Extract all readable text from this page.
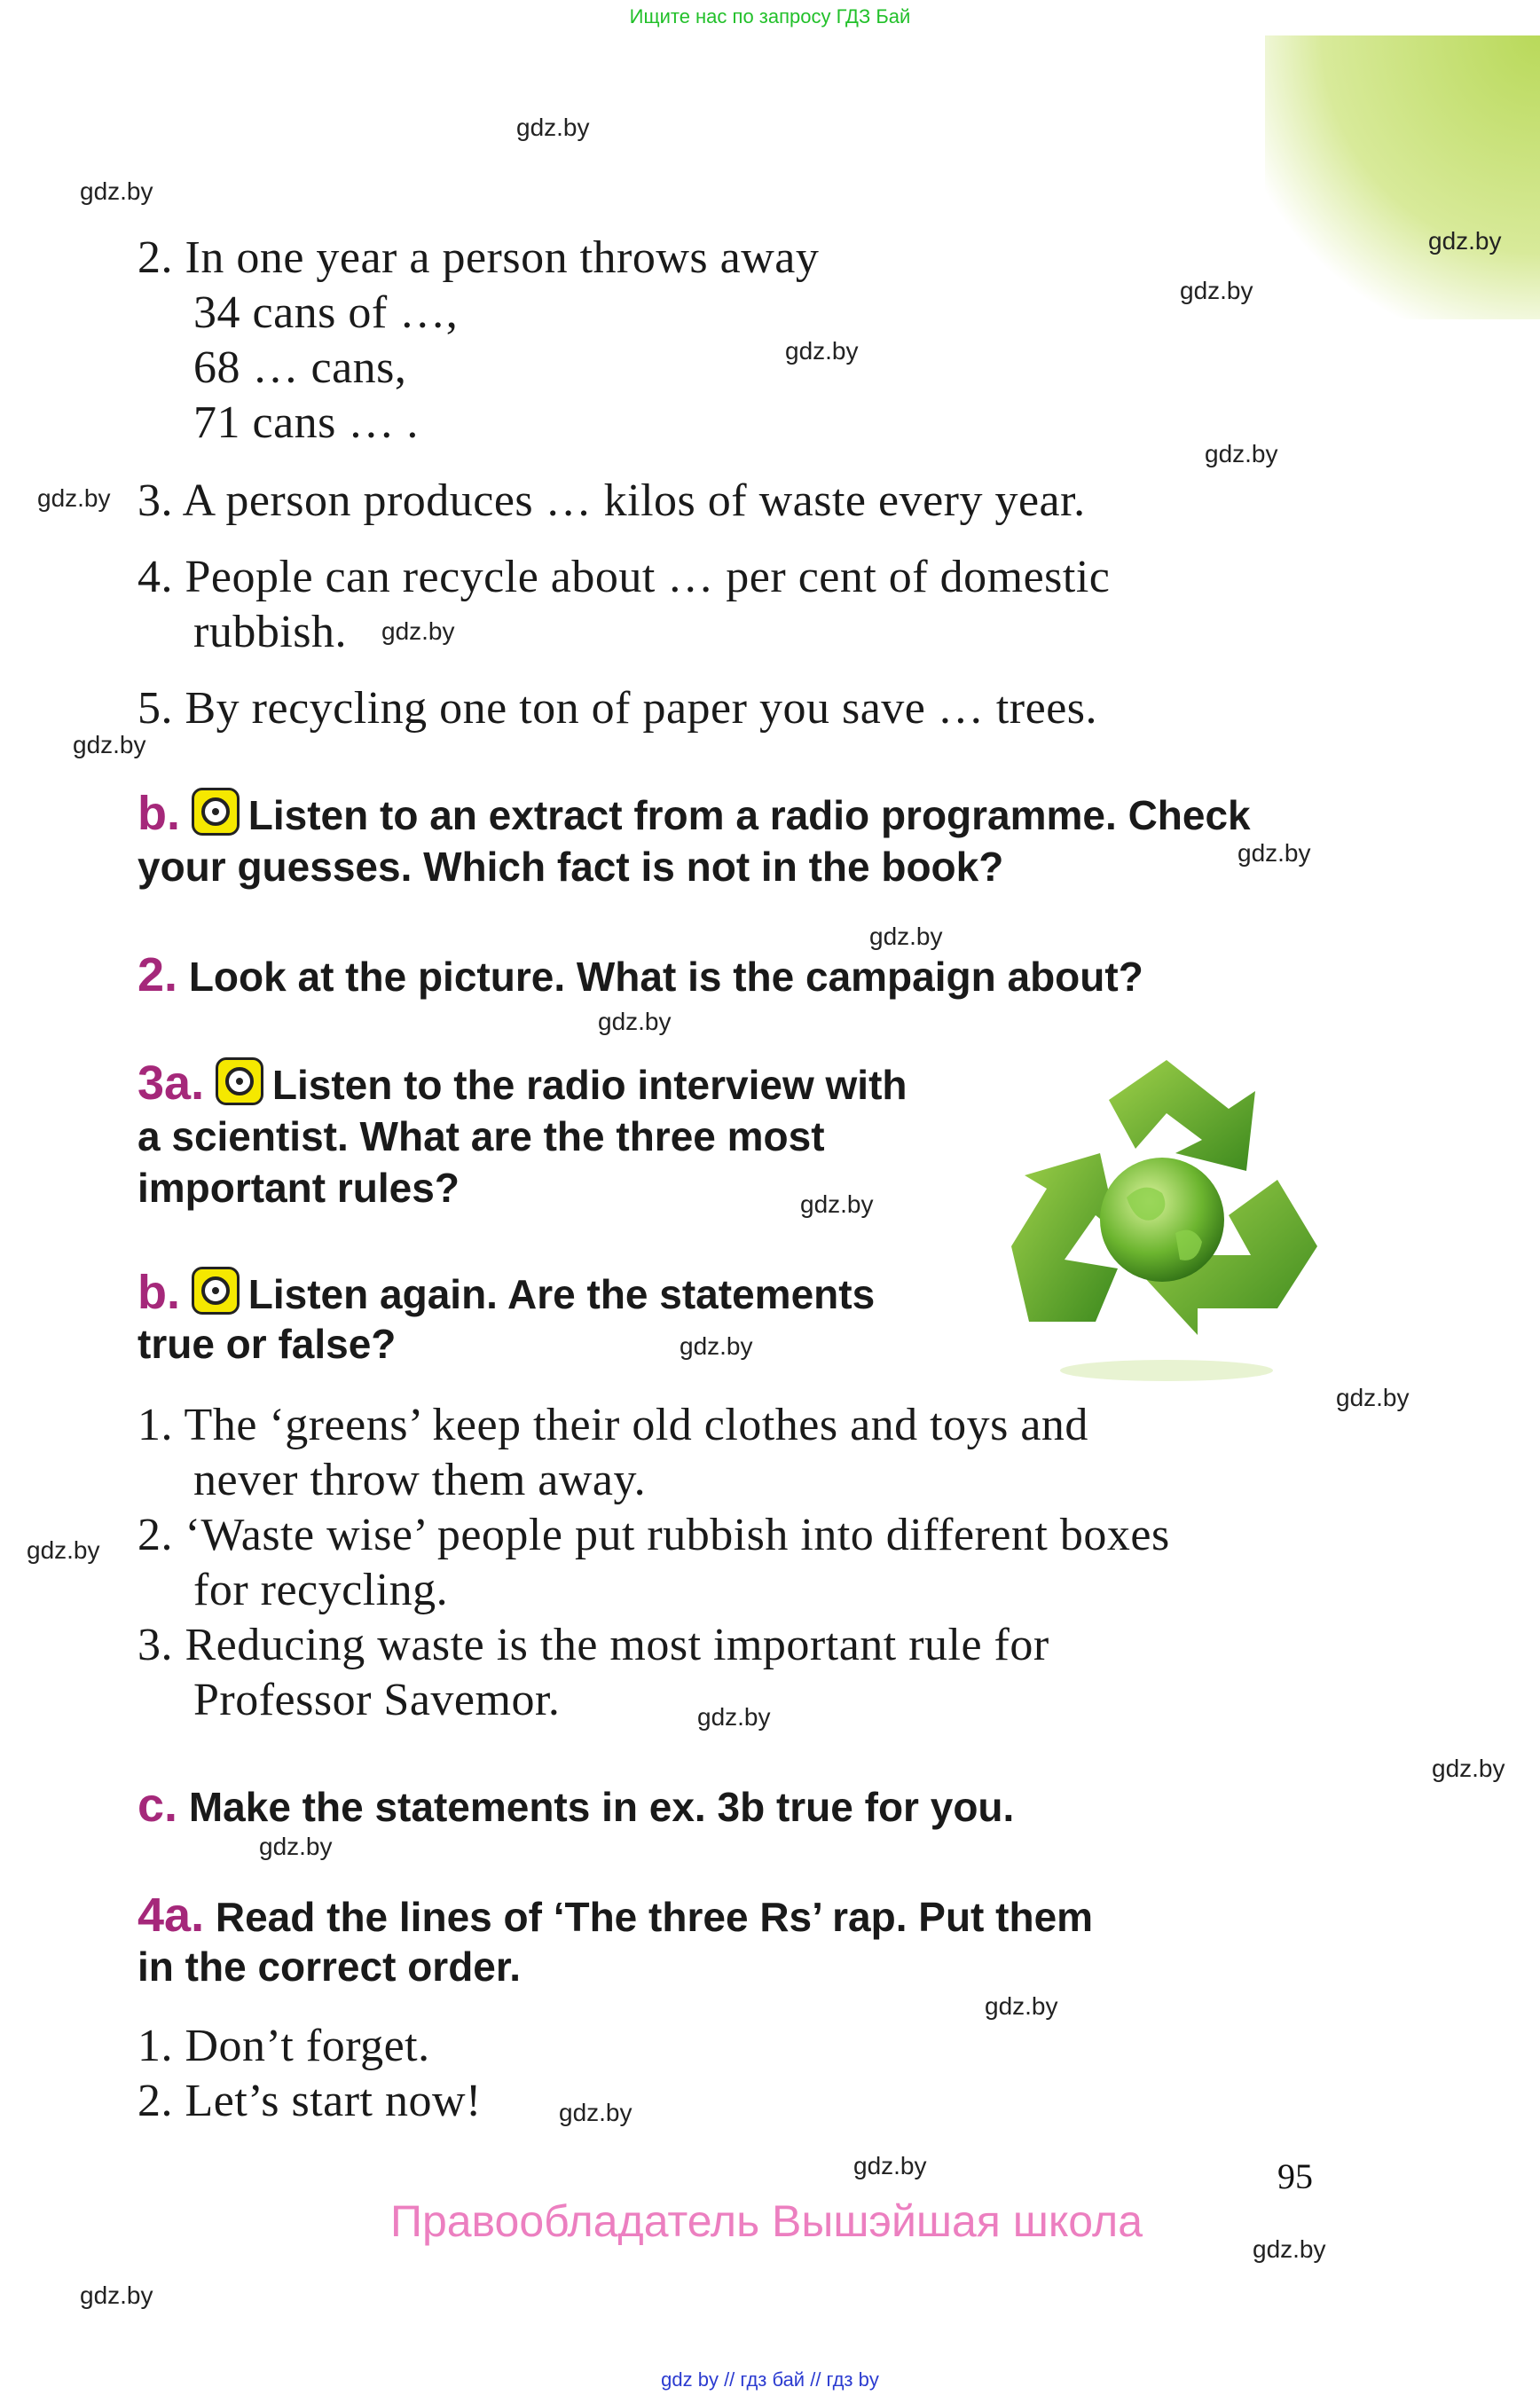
Ищите нас по запросу ГДЗ Бай
gdz.by
gdz.by
gdz.by
gdz.by
gdz.by
gdz.by
gdz.by
gdz.by
gdz.by
gdz.by
gdz.by
gdz.by
gdz.by
gdz.by
gdz.by
gdz.by
gdz.by
gdz.by
gdz.by
gdz.by
gdz.by
gdz.by
gdz.by
gdz.by
2. In one year a person throws away
34 cans of …,
68 … cans,
71 cans … .
3. A person produces … kilos of waste every year.
4. People can recycle about … per cent of domestic
rubbish.
5. By recycling one ton of paper you save … trees.
b. Listen to an extract from a radio programme. Check
your guesses. Which fact is not in the book?
2. Look at the picture. What is the campaign about?
3a. Listen to the radio interview with
a scientist. What are the three most
important rules?
b. Listen again. Are the statements
true or false?
1. The ‘greens’ keep their old clothes and toys and
never throw them away.
2. ‘Waste wise’ people put rubbish into different boxes
for recycling.
3. Reducing waste is the most important rule for
Professor Savemor.
c. Make the statements in ex. 3b true for you.
4a. Read the lines of ‘The three Rs’ rap. Put them
in the correct order.
1. Don’t forget.
2. Let’s start now!
95
Правообладатель Вышэйшая школа
gdz by // гдз бай // гдз by
